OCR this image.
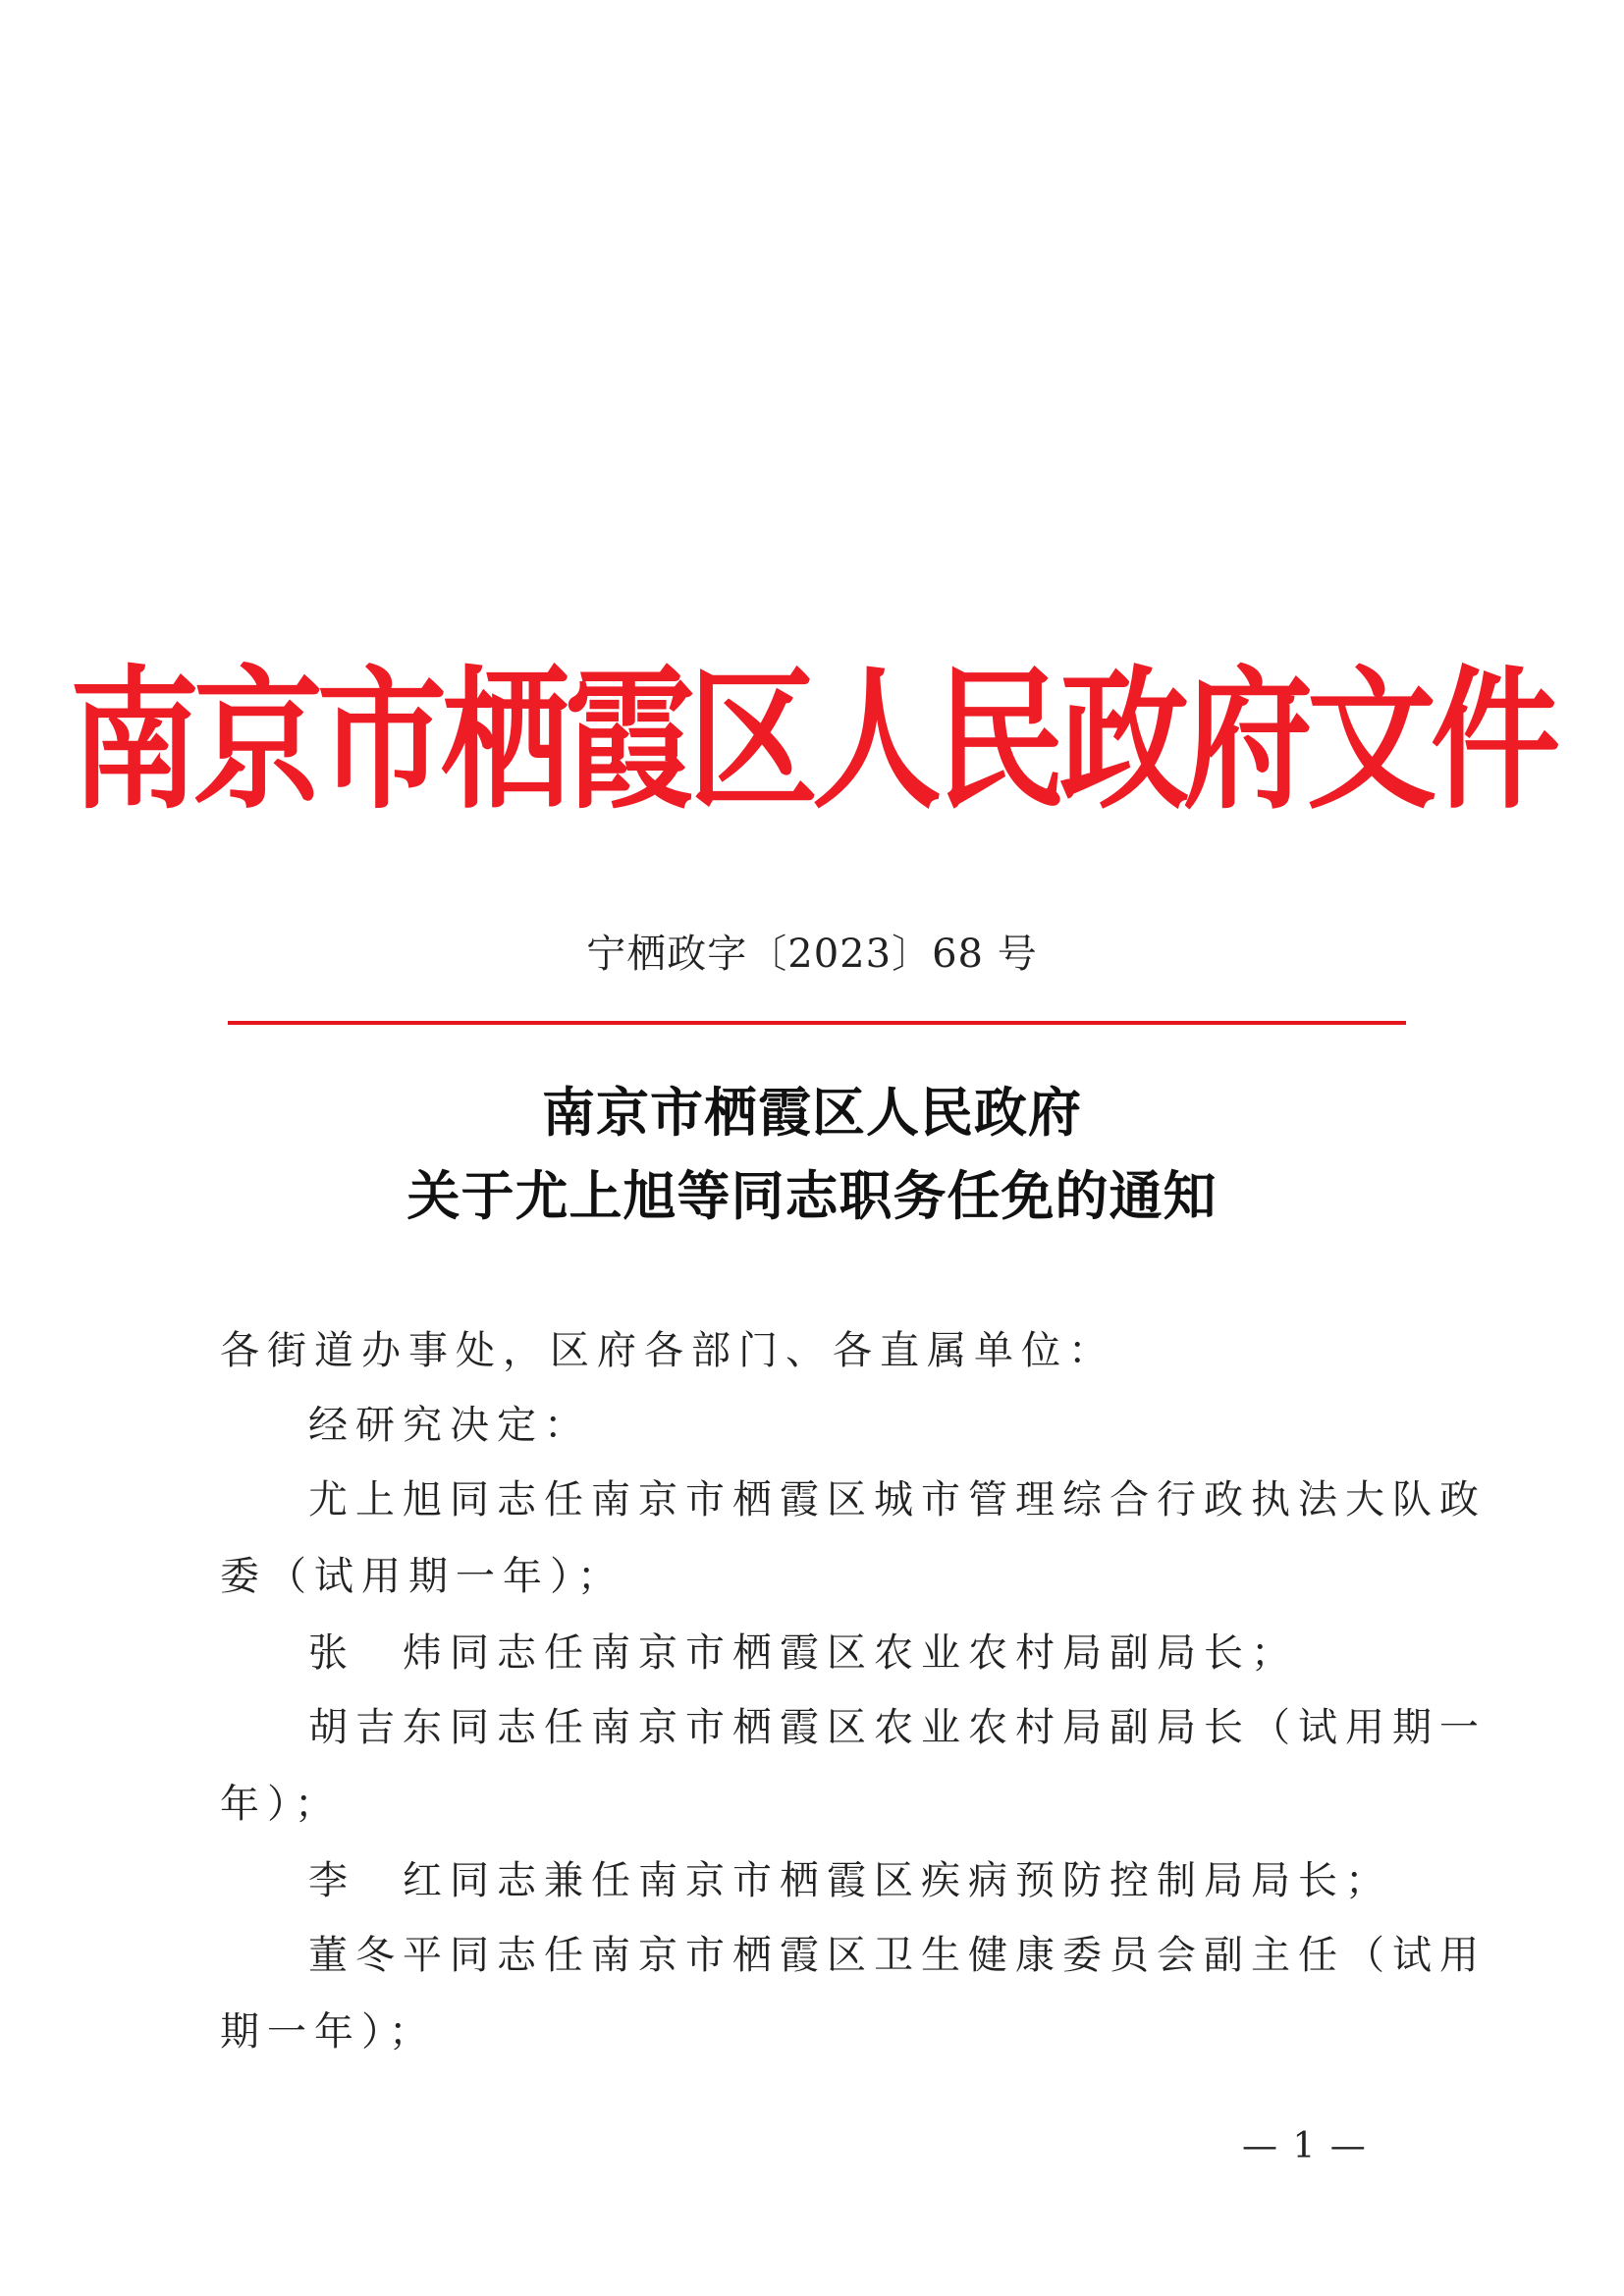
南京市栖霞区人民政府文件
宁栖政字〔2023〕68 号
南京市栖霞区人民政府
关于尤上旭等同志职务任免的通知
各街道办事处，区府各部门、各直属单位：
经研究决定：
尤上旭同志任南京市栖霞区城市管理综合行政执法大队政
委（试用期一年）；
张　炜同志任南京市栖霞区农业农村局副局长；
胡吉东同志任南京市栖霞区农业农村局副局长（试用期一
年）；
李　红同志兼任南京市栖霞区疾病预防控制局局长；
董冬平同志任南京市栖霞区卫生健康委员会副主任（试用
期一年）；
— 1 —
